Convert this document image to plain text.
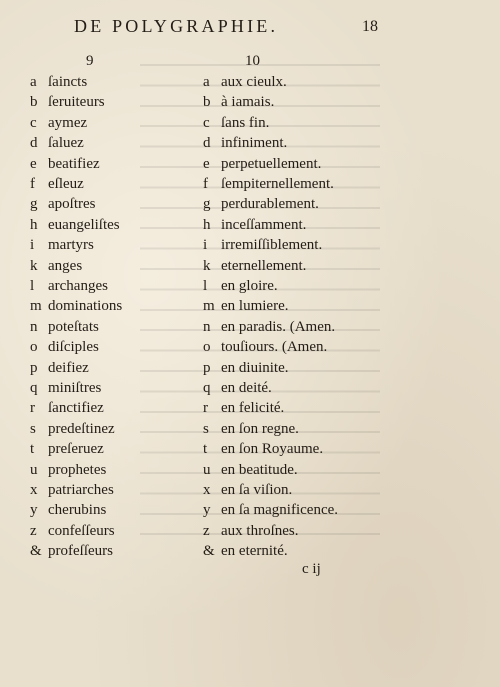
DE POLYGRAPHIE.	18
9	10
a ſaincts
b ſeruiteurs
c aymez
d ſaluez
e beatifiez
f eſleuz
g apoſtres
h euangeliſtes
i martyrs
k anges
l archanges
m dominations
n poteſtats
o diſciples
p deifiez
q miniſtres
r ſanctifiez
s predeſtinez
t preſeruez
u prophetes
x patriarches
y cherubins
z confeſſeurs
& profeſſeurs
a aux cieulx.
b à iamais.
c ſans fin.
d infiniment.
e perpetuellement.
f ſempiternellement.
g perdurablement.
h inceſſamment.
i irremiſſiblement.
k eternellement.
l en gloire.
m en lumiere.
n en paradis. (Amen.
o touſiours. (Amen.
p en diuinite.
q en deité.
r en felicité.
s en ſon regne.
t en ſon Royaume.
u en beatitude.
x en ſa viſion.
y en ſa magnificence.
z aux throſnes.
& en eternité.
c ij
